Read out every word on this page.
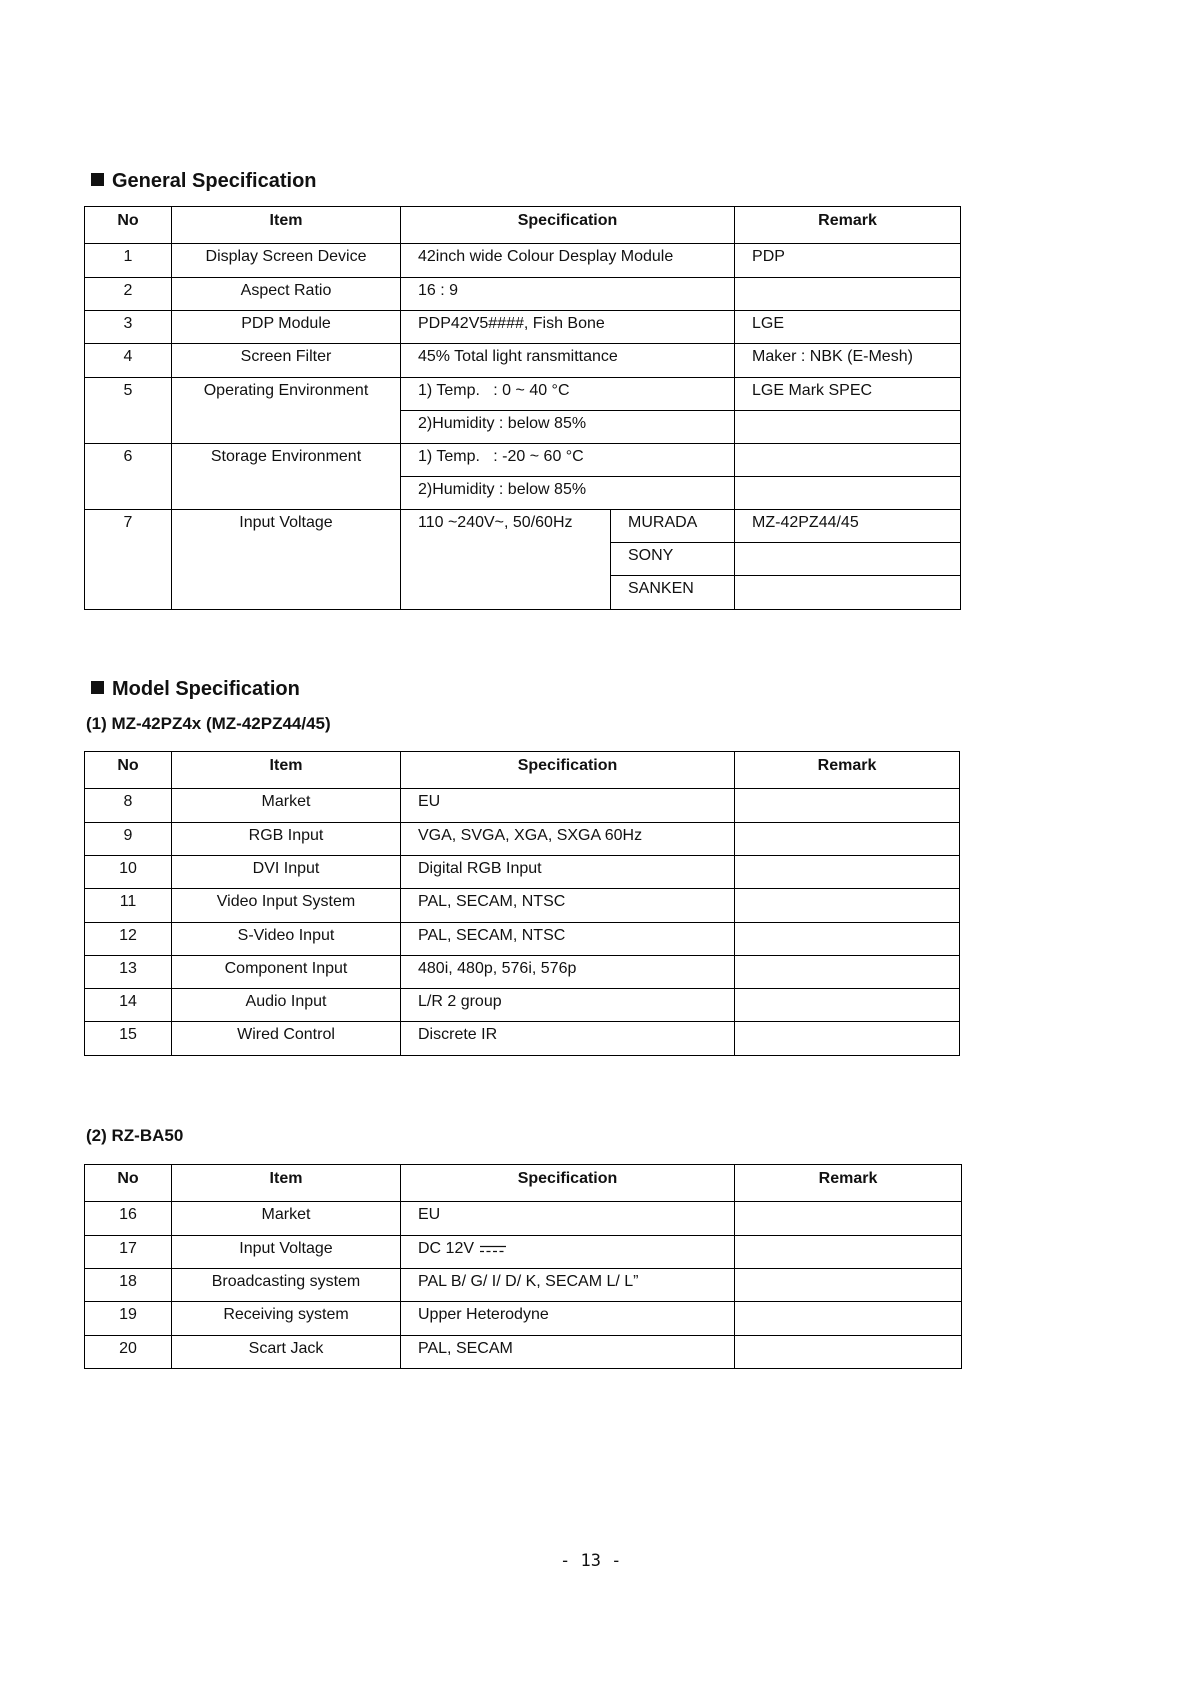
General Specification
No	Item	Specification		Remark
1	Display Screen Device	42inch wide Colour Desplay Module		PDP
2	Aspect Ratio	16 : 9		
3	PDP Module	PDP42V5####, Fish Bone		LGE
4	Screen Filter	45% Total light ransmittance		Maker : NBK (E-Mesh)
5	Operating Environment	1) Temp.   : 0 ~ 40 °C		LGE Mark SPEC
		2)Humidity : below 85%		
6	Storage Environment	1) Temp.   : -20 ~ 60 °C		
		2)Humidity : below 85%		
7	Input Voltage	110 ~240V~, 50/60Hz	MURADA	MZ-42PZ44/45
			SONY	
			SANKEN	
Model Specification
(1) MZ-42PZ4x (MZ-42PZ44/45)
No	Item	Specification	Remark
8	Market	EU	
9	RGB Input	VGA, SVGA, XGA, SXGA 60Hz	
10	DVI Input	Digital RGB Input	
11	Video Input System	PAL, SECAM, NTSC	
12	S-Video Input	PAL, SECAM, NTSC	
13	Component Input	480i, 480p, 576i, 576p	
14	Audio Input	L/R 2 group	
15	Wired Control	Discrete IR	
(2) RZ-BA50
No	Item	Specification	Remark
16	Market	EU	
17	Input Voltage	DC 12V	
18	Broadcasting system	PAL B/ G/ I/ D/ K, SECAM L/ L”	
19	Receiving system	Upper Heterodyne	
20	Scart Jack	PAL, SECAM	
- 13 -
